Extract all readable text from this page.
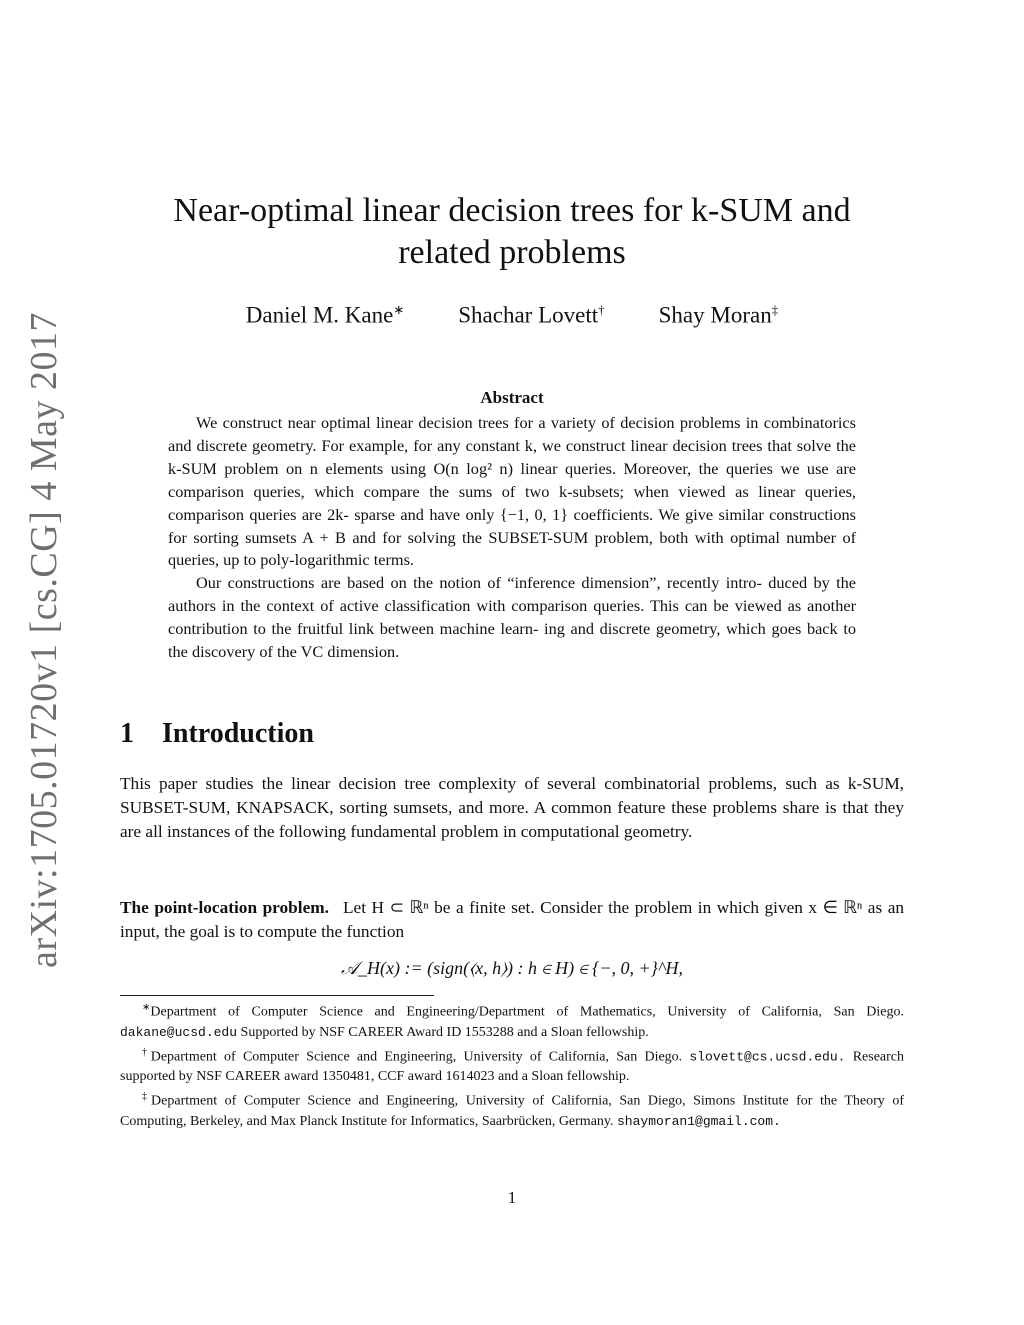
arXiv:1705.01720v1 [cs.CG] 4 May 2017
Near-optimal linear decision trees for k-SUM and
related problems
Daniel M. Kane∗ Shachar Lovett† Shay Moran‡
Abstract

We construct near optimal linear decision trees for a variety of decision problems in combinatorics and discrete geometry. For example, for any constant k, we construct linear decision trees that solve the k-SUM problem on n elements using O(n log² n) linear queries. Moreover, the queries we use are comparison queries, which compare the sums of two k-subsets; when viewed as linear queries, comparison queries are 2k- sparse and have only {−1, 0, 1} coefficients. We give similar constructions for sorting sumsets A + B and for solving the SUBSET-SUM problem, both with optimal number of queries, up to poly-logarithmic terms.

Our constructions are based on the notion of “inference dimension”, recently intro- duced by the authors in the context of active classification with comparison queries. This can be viewed as another contribution to the fruitful link between machine learn- ing and discrete geometry, which goes back to the discovery of the VC dimension.

1 Introduction

This paper studies the linear decision tree complexity of several combinatorial problems, such as k-SUM, SUBSET-SUM, KNAPSACK, sorting sumsets, and more. A common feature these problems share is that they are all instances of the following fundamental problem in computational geometry.

The point-location problem. Let H ⊂ ℝⁿ be a finite set. Consider the problem in which given x ∈ ℝⁿ as an input, the goal is to compute the function

𝒜_H(x) := (sign(⟨x, h⟩) : h ∈ H) ∈ {−, 0, +}^H,

∗Department of Computer Science and Engineering/Department of Mathematics, University of California, San Diego. dakane@ucsd.edu Supported by NSF CAREER Award ID 1553288 and a Sloan fellowship.

†Department of Computer Science and Engineering, University of California, San Diego. slovett@cs.ucsd.edu. Research supported by NSF CAREER award 1350481, CCF award 1614023 and a Sloan fellowship.

‡Department of Computer Science and Engineering, University of California, San Diego, Simons Institute for the Theory of Computing, Berkeley, and Max Planck Institute for Informatics, Saarbrücken, Germany. shaymoran1@gmail.com.

1
